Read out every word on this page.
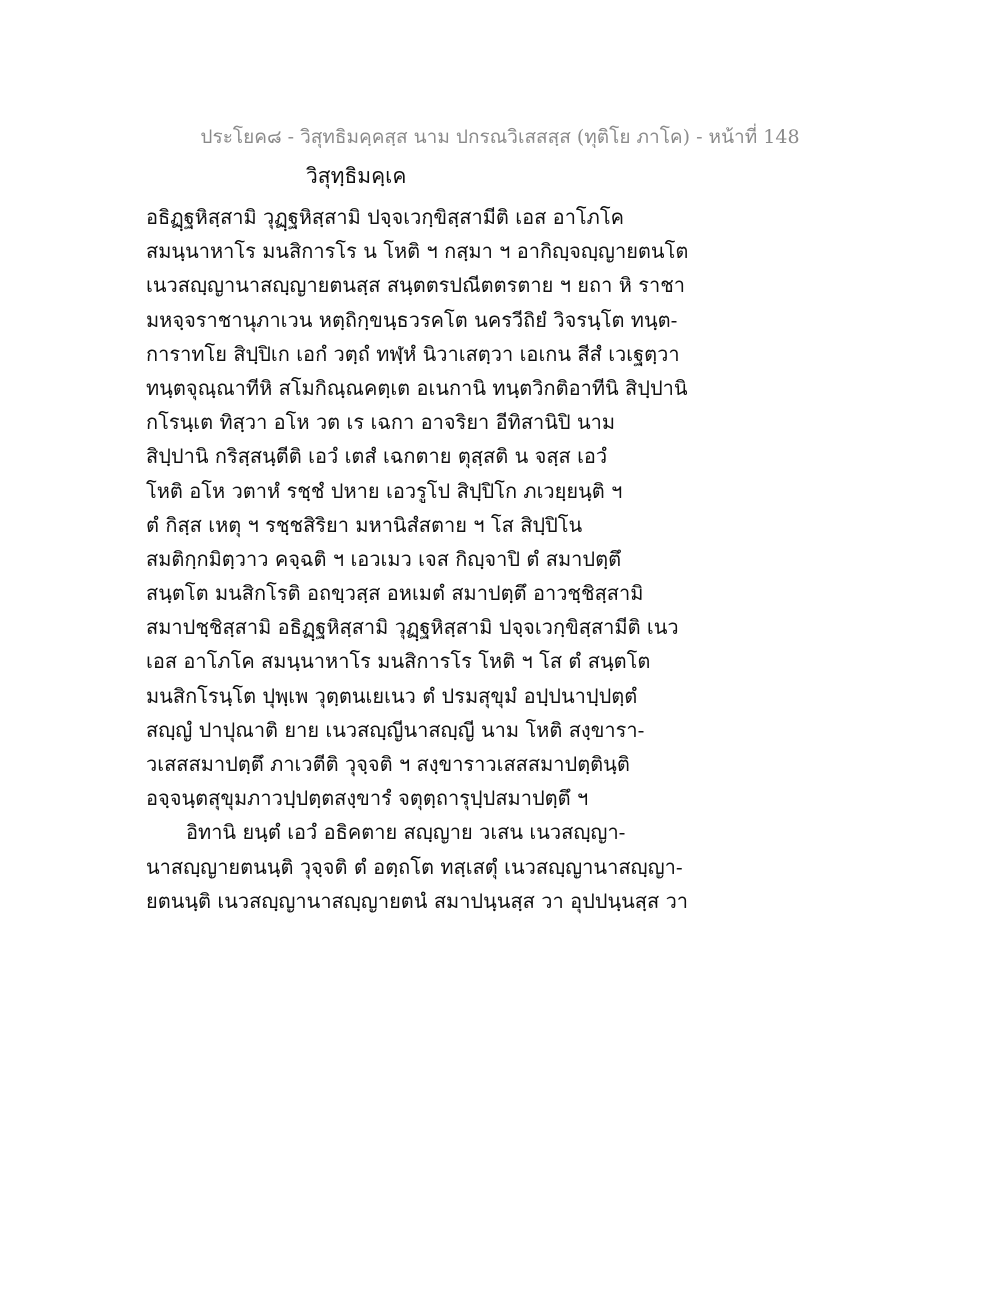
ประโยค๘ - วิสุทธิมคฺคสฺส นาม ปกรณวิเสสสฺส (ทุติโย ภาโค) - หน้าที่ 148
วิสุทฺธิมคฺเค
อธิฏฺฐหิสฺสามิ วุฏฺฐหิสฺสามิ ปจฺจเวกฺขิสฺสามีติ เอส อาโภโค
สมนฺนาหาโร มนสิการโร น โหติ ฯ กสฺมา ฯ อากิญฺจญฺญายตนโต
เนวสญฺญานาสญฺญายตนสฺส สนฺตตรปณีตตรตาย ฯ ยถา หิ ราชา
มหจฺจราชานุภาเวน หตฺถิกฺขนฺธวรคโต นครวีถิยํ วิจรนฺโต ทนฺต-
การาทโย สิปฺปิเก เอกํ วตฺถํ ทฬฺหํ นิวาเสตฺวา เอเกน สีสํ เวเฐตฺวา
ทนฺตจุณฺณาทีหิ สโมกิณฺณคตฺเต อเนกานิ ทนฺตวิกติอาทีนิ สิปฺปานิ
กโรนฺเต ทิสฺวา อโห วต เร เฉกา อาจริยา อีทิสานิปิ นาม
สิปฺปานิ กริสฺสนฺตีติ เอวํ เตสํ เฉกตาย ตุสฺสติ น จสฺส เอวํ
โหติ อโห วตาหํ รชฺชํ ปหาย เอวรูโป สิปฺปิโก ภเวยฺยนฺติ ฯ
ตํ กิสฺส เหตุ ฯ รชฺชสิริยา มหานิสํสตาย ฯ โส สิปฺปิโน
สมติกฺกมิตฺวาว คจฺฉติ ฯ เอวเมว เจส กิญฺจาปิ ตํ สมาปตฺตึ
สนฺตโต มนสิกโรติ อถขฺวสฺส อหเมตํ สมาปตฺตึ อาวชฺชิสฺสามิ
สมาปชฺชิสฺสามิ อธิฏฺฐหิสฺสามิ วุฏฺฐหิสฺสามิ ปจฺจเวกฺขิสฺสามีติ เนว
เอส อาโภโค สมนฺนาหาโร มนสิการโร โหติ ฯ โส ตํ สนฺตโต
มนสิกโรนฺโต ปุพฺเพ วุตฺตนเยเนว ตํ ปรมสุขุมํ อปฺปนาปฺปตฺตํ
สญฺญํ ปาปุณาติ ยาย เนวสญฺญีนาสญฺญี นาม โหติ สงฺขารา-
วเสสสมาปตฺตึ ภาเวตีติ วุจฺจติ ฯ สงฺขาราวเสสสมาปตฺตินฺติ
อจฺจนฺตสุขุมภาวปฺปตฺตสงฺขารํ จตุตฺถารุปฺปสมาปตฺตึ ฯ
อิทานิ ยนฺตํ เอวํ อธิคตาย สญฺญาย วเสน เนวสญฺญา-
นาสญฺญายตนนฺติ วุจฺจติ ตํ อตฺถโต ทสฺเสตุํ เนวสญฺญานาสญฺญา-
ยตนนฺติ เนวสญฺญานาสญฺญายตนํ สมาปนฺนสฺส วา อุปปนฺนสฺส วา
